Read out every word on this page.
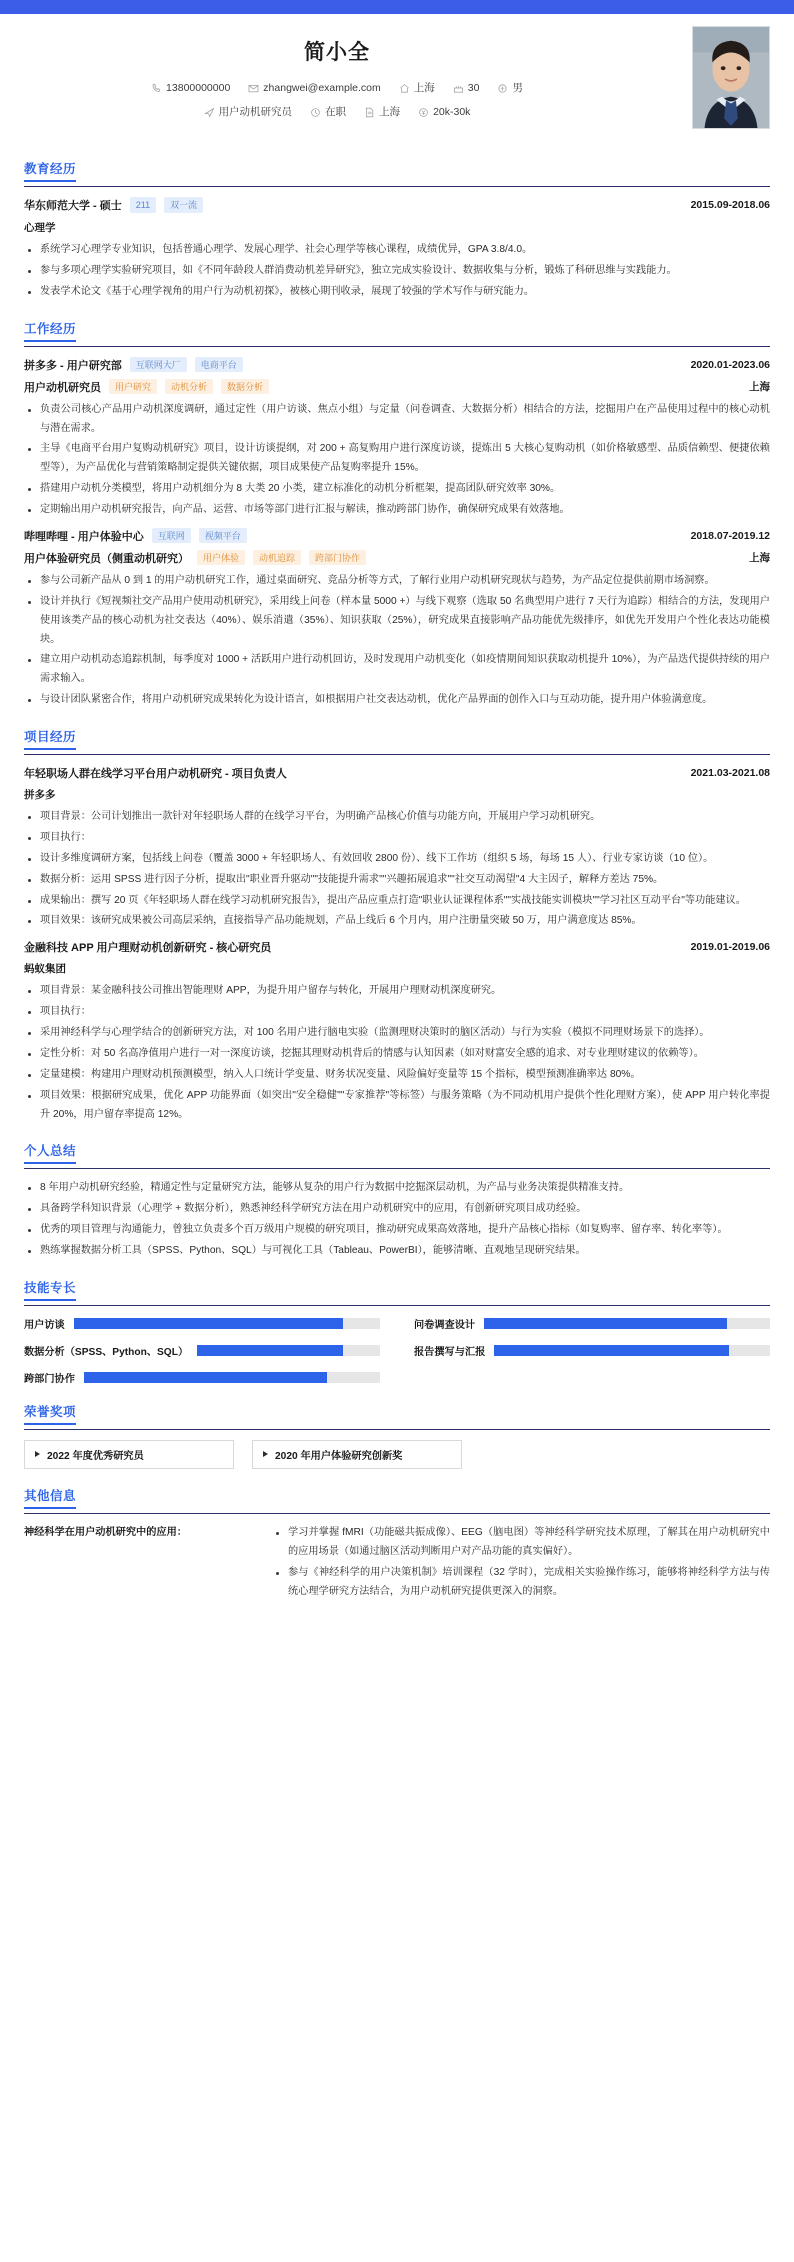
简小全
13800000000	zhangwei@example.com	上海	30	男
用户动机研究员	在职	上海	20k-30k
教育经历
华东师范大学 - 硕士	211	双一流	2015.09-2018.06
心理学
系统学习心理学专业知识，包括普通心理学、发展心理学、社会心理学等核心课程，成绩优异，GPA 3.8/4.0。
参与多项心理学实验研究项目，如《不同年龄段人群消费动机差异研究》，独立完成实验设计、数据收集与分析，锻炼了科研思维与实践能力。
发表学术论文《基于心理学视角的用户行为动机初探》，被核心期刊收录，展现了较强的学术写作与研究能力。
工作经历
拼多多 - 用户研究部	互联网大厂	电商平台	2020.01-2023.06
用户动机研究员	用户研究	动机分析	数据分析	上海
负责公司核心产品用户动机深度调研，通过定性（用户访谈、焦点小组）与定量（问卷调查、大数据分析）相结合的方法，挖掘用户在产品使用过程中的核心动机与潜在需求。
主导《电商平台用户复购动机研究》项目，设计访谈提纲，对 200 + 高复购用户进行深度访谈，提炼出 5 大核心复购动机（如价格敏感型、品质信赖型、便捷依赖型等），为产品优化与营销策略制定提供关键依据，项目成果使产品复购率提升 15%。
搭建用户动机分类模型，将用户动机细分为 8 大类 20 小类，建立标准化的动机分析框架，提高团队研究效率 30%。
定期输出用户动机研究报告，向产品、运营、市场等部门进行汇报与解读，推动跨部门协作，确保研究成果有效落地。
哔哩哔哩 - 用户体验中心	互联网	视频平台	2018.07-2019.12
用户体验研究员（侧重动机研究）	用户体验	动机追踪	跨部门协作	上海
参与公司新产品从 0 到 1 的用户动机研究工作，通过桌面研究、竞品分析等方式，了解行业用户动机研究现状与趋势，为产品定位提供前期市场洞察。
设计并执行《短视频社交产品用户使用动机研究》，采用线上问卷（样本量 5000 +）与线下观察（选取 50 名典型用户进行 7 天行为追踪）相结合的方法，发现用户使用该类产品的核心动机为社交表达（40%）、娱乐消遣（35%）、知识获取（25%），研究成果直接影响产品功能优先级排序，如优先开发用户个性化表达功能模块。
建立用户动机动态追踪机制，每季度对 1000 + 活跃用户进行动机回访，及时发现用户动机变化（如疫情期间知识获取动机提升 10%），为产品迭代提供持续的用户需求输入。
与设计团队紧密合作，将用户动机研究成果转化为设计语言，如根据用户社交表达动机，优化产品界面的创作入口与互动功能，提升用户体验满意度。
项目经历
年轻职场人群在线学习平台用户动机研究 - 项目负责人	2021.03-2021.08
拼多多
项目背景：公司计划推出一款针对年轻职场人群的在线学习平台，为明确产品核心价值与功能方向，开展用户学习动机研究。
项目执行：
设计多维度调研方案，包括线上问卷（覆盖 3000 + 年轻职场人、有效回收 2800 份）、线下工作坊（组织 5 场，每场 15 人）、行业专家访谈（10 位）。
数据分析：运用 SPSS 进行因子分析，提取出"职业晋升驱动""技能提升需求""兴趣拓展追求""社交互动渴望"4 大主因子，解释方差达 75%。
成果输出：撰写 20 页《年轻职场人群在线学习动机研究报告》，提出产品应重点打造"职业认证课程体系""实战技能实训模块""学习社区互动平台"等功能建议。
项目效果：该研究成果被公司高层采纳，直接指导产品功能规划，产品上线后 6 个月内，用户注册量突破 50 万，用户满意度达 85%。
金融科技 APP 用户理财动机创新研究 - 核心研究员	2019.01-2019.06
蚂蚁集团
项目背景：某金融科技公司推出智能理财 APP，为提升用户留存与转化，开展用户理财动机深度研究。
项目执行：
采用神经科学与心理学结合的创新研究方法，对 100 名用户进行脑电实验（监测理财决策时的脑区活动）与行为实验（模拟不同理财场景下的选择）。
定性分析：对 50 名高净值用户进行一对一深度访谈，挖掘其理财动机背后的情感与认知因素（如对财富安全感的追求、对专业理财建议的依赖等）。
定量建模：构建用户理财动机预测模型，纳入人口统计学变量、财务状况变量、风险偏好变量等 15 个指标，模型预测准确率达 80%。
项目效果：根据研究成果，优化 APP 功能界面（如突出"安全稳健""专家推荐"等标签）与服务策略（为不同动机用户提供个性化理财方案），使 APP 用户转化率提升 20%，用户留存率提高 12%。
个人总结
8 年用户动机研究经验，精通定性与定量研究方法，能够从复杂的用户行为数据中挖掘深层动机，为产品与业务决策提供精准支持。
具备跨学科知识背景（心理学 + 数据分析），熟悉神经科学研究方法在用户动机研究中的应用，有创新研究项目成功经验。
优秀的项目管理与沟通能力，曾独立负责多个百万级用户规模的研究项目，推动研究成果高效落地，提升产品核心指标（如复购率、留存率、转化率等）。
熟练掌握数据分析工具（SPSS、Python、SQL）与可视化工具（Tableau、PowerBI），能够清晰、直观地呈现研究结果。
技能专长
用户访谈	问卷调查设计
数据分析（SPSS、Python、SQL）	报告撰写与汇报
跨部门协作
荣誉奖项
2022 年度优秀研究员	2020 年用户体验研究创新奖
其他信息
神经科学在用户动机研究中的应用：	学习并掌握 fMRI（功能磁共振成像）、EEG（脑电图）等神经科学研究技术原理，了解其在用户动机研究中的应用场景（如通过脑区活动判断用户对产品功能的真实偏好）。
参与《神经科学的用户决策机制》培训课程（32 学时），完成相关实验操作练习，能够将神经科学方法与传统心理学研究方法结合，为用户动机研究提供更深入的洞察。
